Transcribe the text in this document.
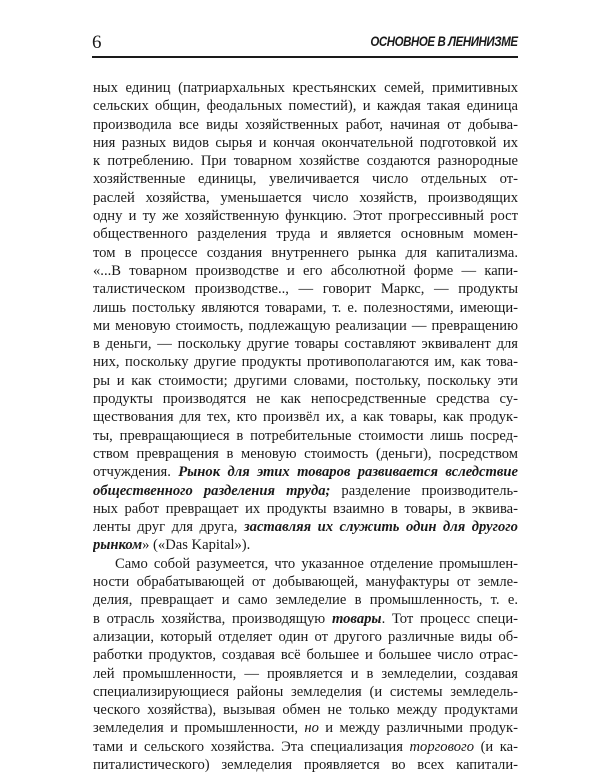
6	ОСНОВНОЕ В ЛЕНИНИЗМЕ

ных единиц (патриархальных крестьянских семей, примитивных
сельских общин, феодальных поместий), и каждая такая единица
производила все виды хозяйственных работ, начиная от добыва-
ния разных видов сырья и кончая окончательной подготовкой их
к потреблению. При товарном хозяйстве создаются разнородные
хозяйственные единицы, увеличивается число отдельных от-
раслей хозяйства, уменьшается число хозяйств, производящих
одну и ту же хозяйственную функцию. Этот прогрессивный рост
общественного разделения труда и является основным момен-
том в процессе создания внутреннего рынка для капитализма.
«...В товарном производстве и его абсолютной форме — капи-
талистическом производстве.., — говорит Маркс, — продукты
лишь постольку являются товарами, т. е. полезностями, имеющи-
ми меновую стоимость, подлежащую реализации — превращению
в деньги, — поскольку другие товары составляют эквивалент для
них, поскольку другие продукты противополагаются им, как това-
ры и как стоимости; другими словами, постольку, поскольку эти
продукты производятся не как непосредственные средства су-
ществования для тех, кто произвёл их, а как товары, как продук-
ты, превращающиеся в потребительные стоимости лишь посред-
ством превращения в меновую стоимость (деньги), посредством
отчуждения. Рынок для этих товаров развивается вследствие
общественного разделения труда; разделение производитель-
ных работ превращает их продукты взаимно в товары, в эквива-
ленты друг для друга, заставляя их служить один для другого
рынком» («Das Kapital»).

Само собой разумеется, что указанное отделение промышлен-
ности обрабатывающей от добывающей, мануфактуры от земле-
делия, превращает и само земледелие в промышленность, т. е.
в отрасль хозяйства, производящую товары. Тот процесс специ-
ализации, который отделяет один от другого различные виды об-
работки продуктов, создавая всё большее и большее число отрас-
лей промышленности, — проявляется и в земледелии, создавая
специализирующиеся районы земледелия (и системы земледель-
ческого хозяйства), вызывая обмен не только между продуктами
земледелия и промышленности, но и между различными продук-
тами и сельского хозяйства. Эта специализация торгового (и ка-
питалистического) земледелия проявляется во всех капитали-
